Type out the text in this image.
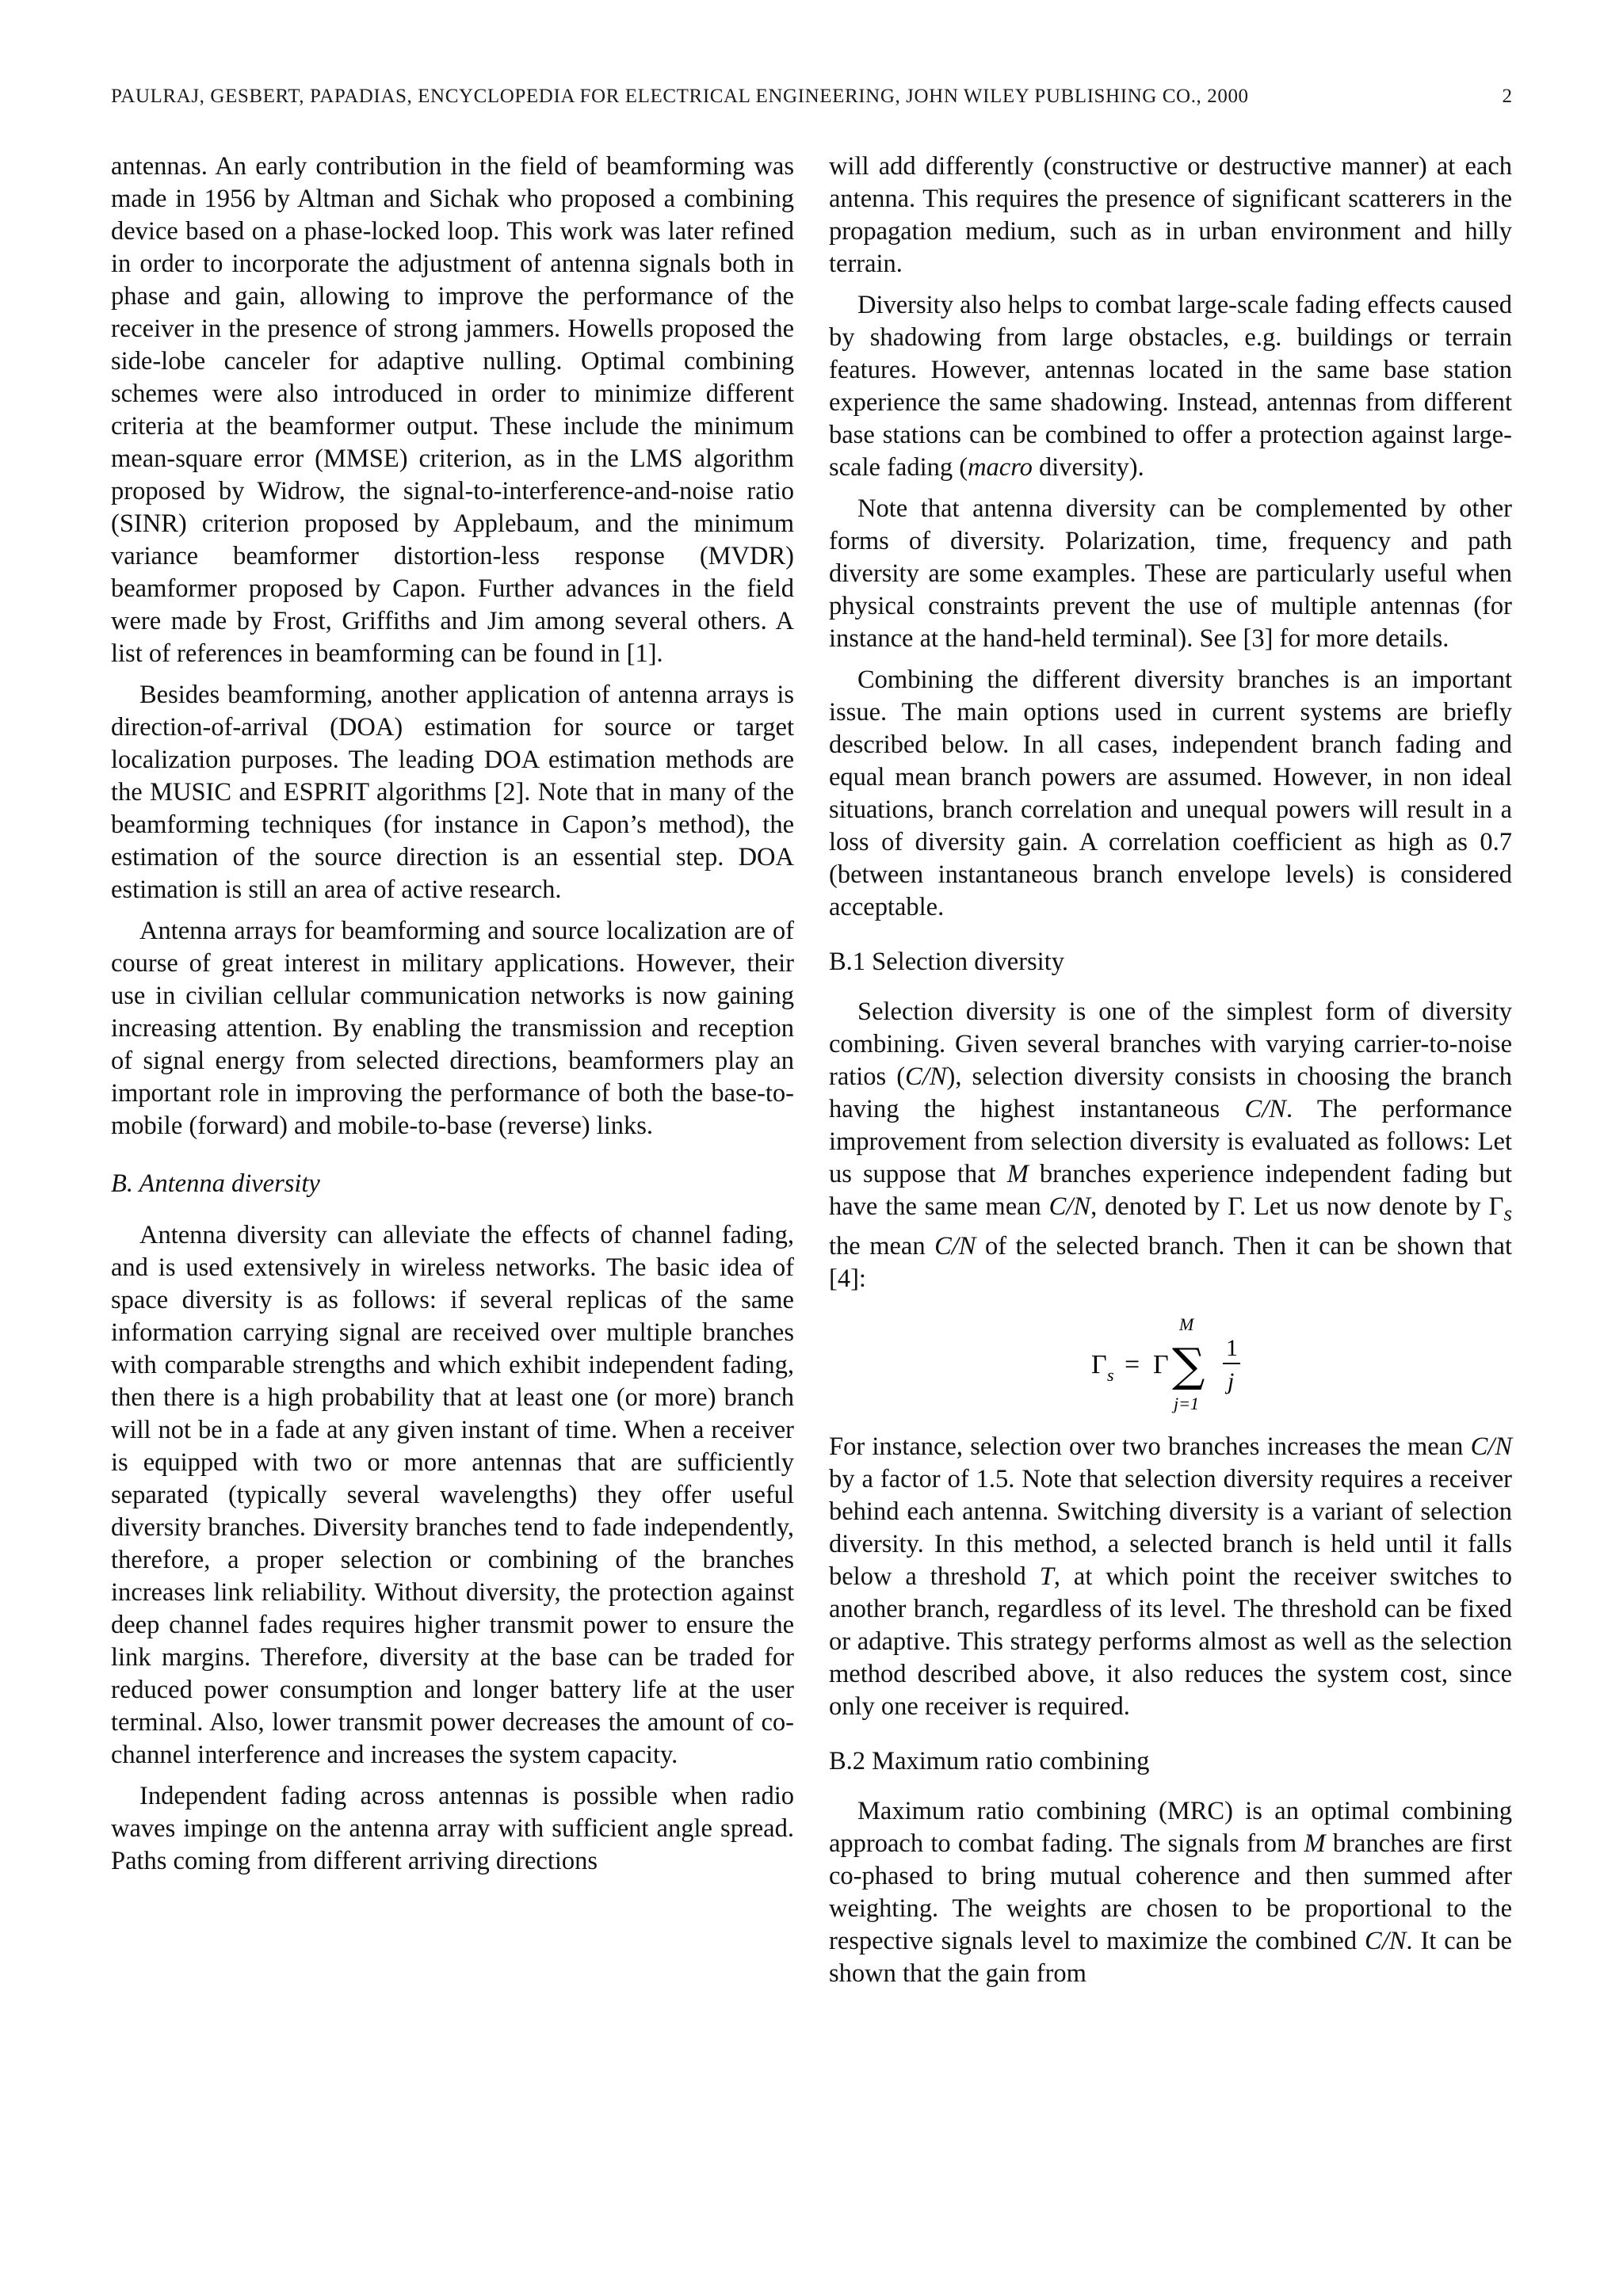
PAULRAJ, GESBERT, PAPADIAS, ENCYCLOPEDIA FOR ELECTRICAL ENGINEERING, JOHN WILEY PUBLISHING CO., 2000	2

antennas. An early contribution in the field of beamforming was made in 1956 by Altman and Sichak who proposed a combining device based on a phase-locked loop. This work was later refined in order to incorporate the adjustment of antenna signals both in phase and gain, allowing to improve the performance of the receiver in the presence of strong jammers. Howells proposed the side-lobe canceler for adaptive nulling. Optimal combining schemes were also introduced in order to minimize different criteria at the beamformer output. These include the minimum mean-square error (MMSE) criterion, as in the LMS algorithm proposed by Widrow, the signal-to-interference-and-noise ratio (SINR) criterion proposed by Applebaum, and the minimum variance beamformer distortion-less response (MVDR) beamformer proposed by Capon. Further advances in the field were made by Frost, Griffiths and Jim among several others. A list of references in beamforming can be found in [1].

Besides beamforming, another application of antenna arrays is direction-of-arrival (DOA) estimation for source or target localization purposes. The leading DOA estimation methods are the MUSIC and ESPRIT algorithms [2]. Note that in many of the beamforming techniques (for instance in Capon’s method), the estimation of the source direction is an essential step. DOA estimation is still an area of active research.

Antenna arrays for beamforming and source localization are of course of great interest in military applications. However, their use in civilian cellular communication networks is now gaining increasing attention. By enabling the transmission and reception of signal energy from selected directions, beamformers play an important role in improving the performance of both the base-to-mobile (forward) and mobile-to-base (reverse) links.

B. Antenna diversity

Antenna diversity can alleviate the effects of channel fading, and is used extensively in wireless networks. The basic idea of space diversity is as follows: if several replicas of the same information carrying signal are received over multiple branches with comparable strengths and which exhibit independent fading, then there is a high probability that at least one (or more) branch will not be in a fade at any given instant of time. When a receiver is equipped with two or more antennas that are sufficiently separated (typically several wavelengths) they offer useful diversity branches. Diversity branches tend to fade independently, therefore, a proper selection or combining of the branches increases link reliability. Without diversity, the protection against deep channel fades requires higher transmit power to ensure the link margins. Therefore, diversity at the base can be traded for reduced power consumption and longer battery life at the user terminal. Also, lower transmit power decreases the amount of co-channel interference and increases the system capacity.

Independent fading across antennas is possible when radio waves impinge on the antenna array with sufficient angle spread. Paths coming from different arriving directions

will add differently (constructive or destructive manner) at each antenna. This requires the presence of significant scatterers in the propagation medium, such as in urban environment and hilly terrain.

Diversity also helps to combat large-scale fading effects caused by shadowing from large obstacles, e.g. buildings or terrain features. However, antennas located in the same base station experience the same shadowing. Instead, antennas from different base stations can be combined to offer a protection against large-scale fading (macro diversity).

Note that antenna diversity can be complemented by other forms of diversity. Polarization, time, frequency and path diversity are some examples. These are particularly useful when physical constraints prevent the use of multiple antennas (for instance at the hand-held terminal). See [3] for more details.

Combining the different diversity branches is an important issue. The main options used in current systems are briefly described below. In all cases, independent branch fading and equal mean branch powers are assumed. However, in non ideal situations, branch correlation and unequal powers will result in a loss of diversity gain. A correlation coefficient as high as 0.7 (between instantaneous branch envelope levels) is considered acceptable.

B.1 Selection diversity

Selection diversity is one of the simplest form of diversity combining. Given several branches with varying carrier-to-noise ratios (C/N), selection diversity consists in choosing the branch having the highest instantaneous C/N. The performance improvement from selection diversity is evaluated as follows: Let us suppose that M branches experience independent fading but have the same mean C/N, denoted by Γ. Let us now denote by $\Gamma_s$ the mean C/N of the selected branch. Then it can be shown that [4]:

Γ s = Γ
M
∑
j=1
1
j

For instance, selection over two branches increases the mean C/N by a factor of 1.5. Note that selection diversity requires a receiver behind each antenna. Switching diversity is a variant of selection diversity. In this method, a selected branch is held until it falls below a threshold T, at which point the receiver switches to another branch, regardless of its level. The threshold can be fixed or adaptive. This strategy performs almost as well as the selection method described above, it also reduces the system cost, since only one receiver is required.

B.2 Maximum ratio combining

Maximum ratio combining (MRC) is an optimal combining approach to combat fading. The signals from M branches are first co-phased to bring mutual coherence and then summed after weighting. The weights are chosen to be proportional to the respective signals level to maximize the combined C/N. It can be shown that the gain from
